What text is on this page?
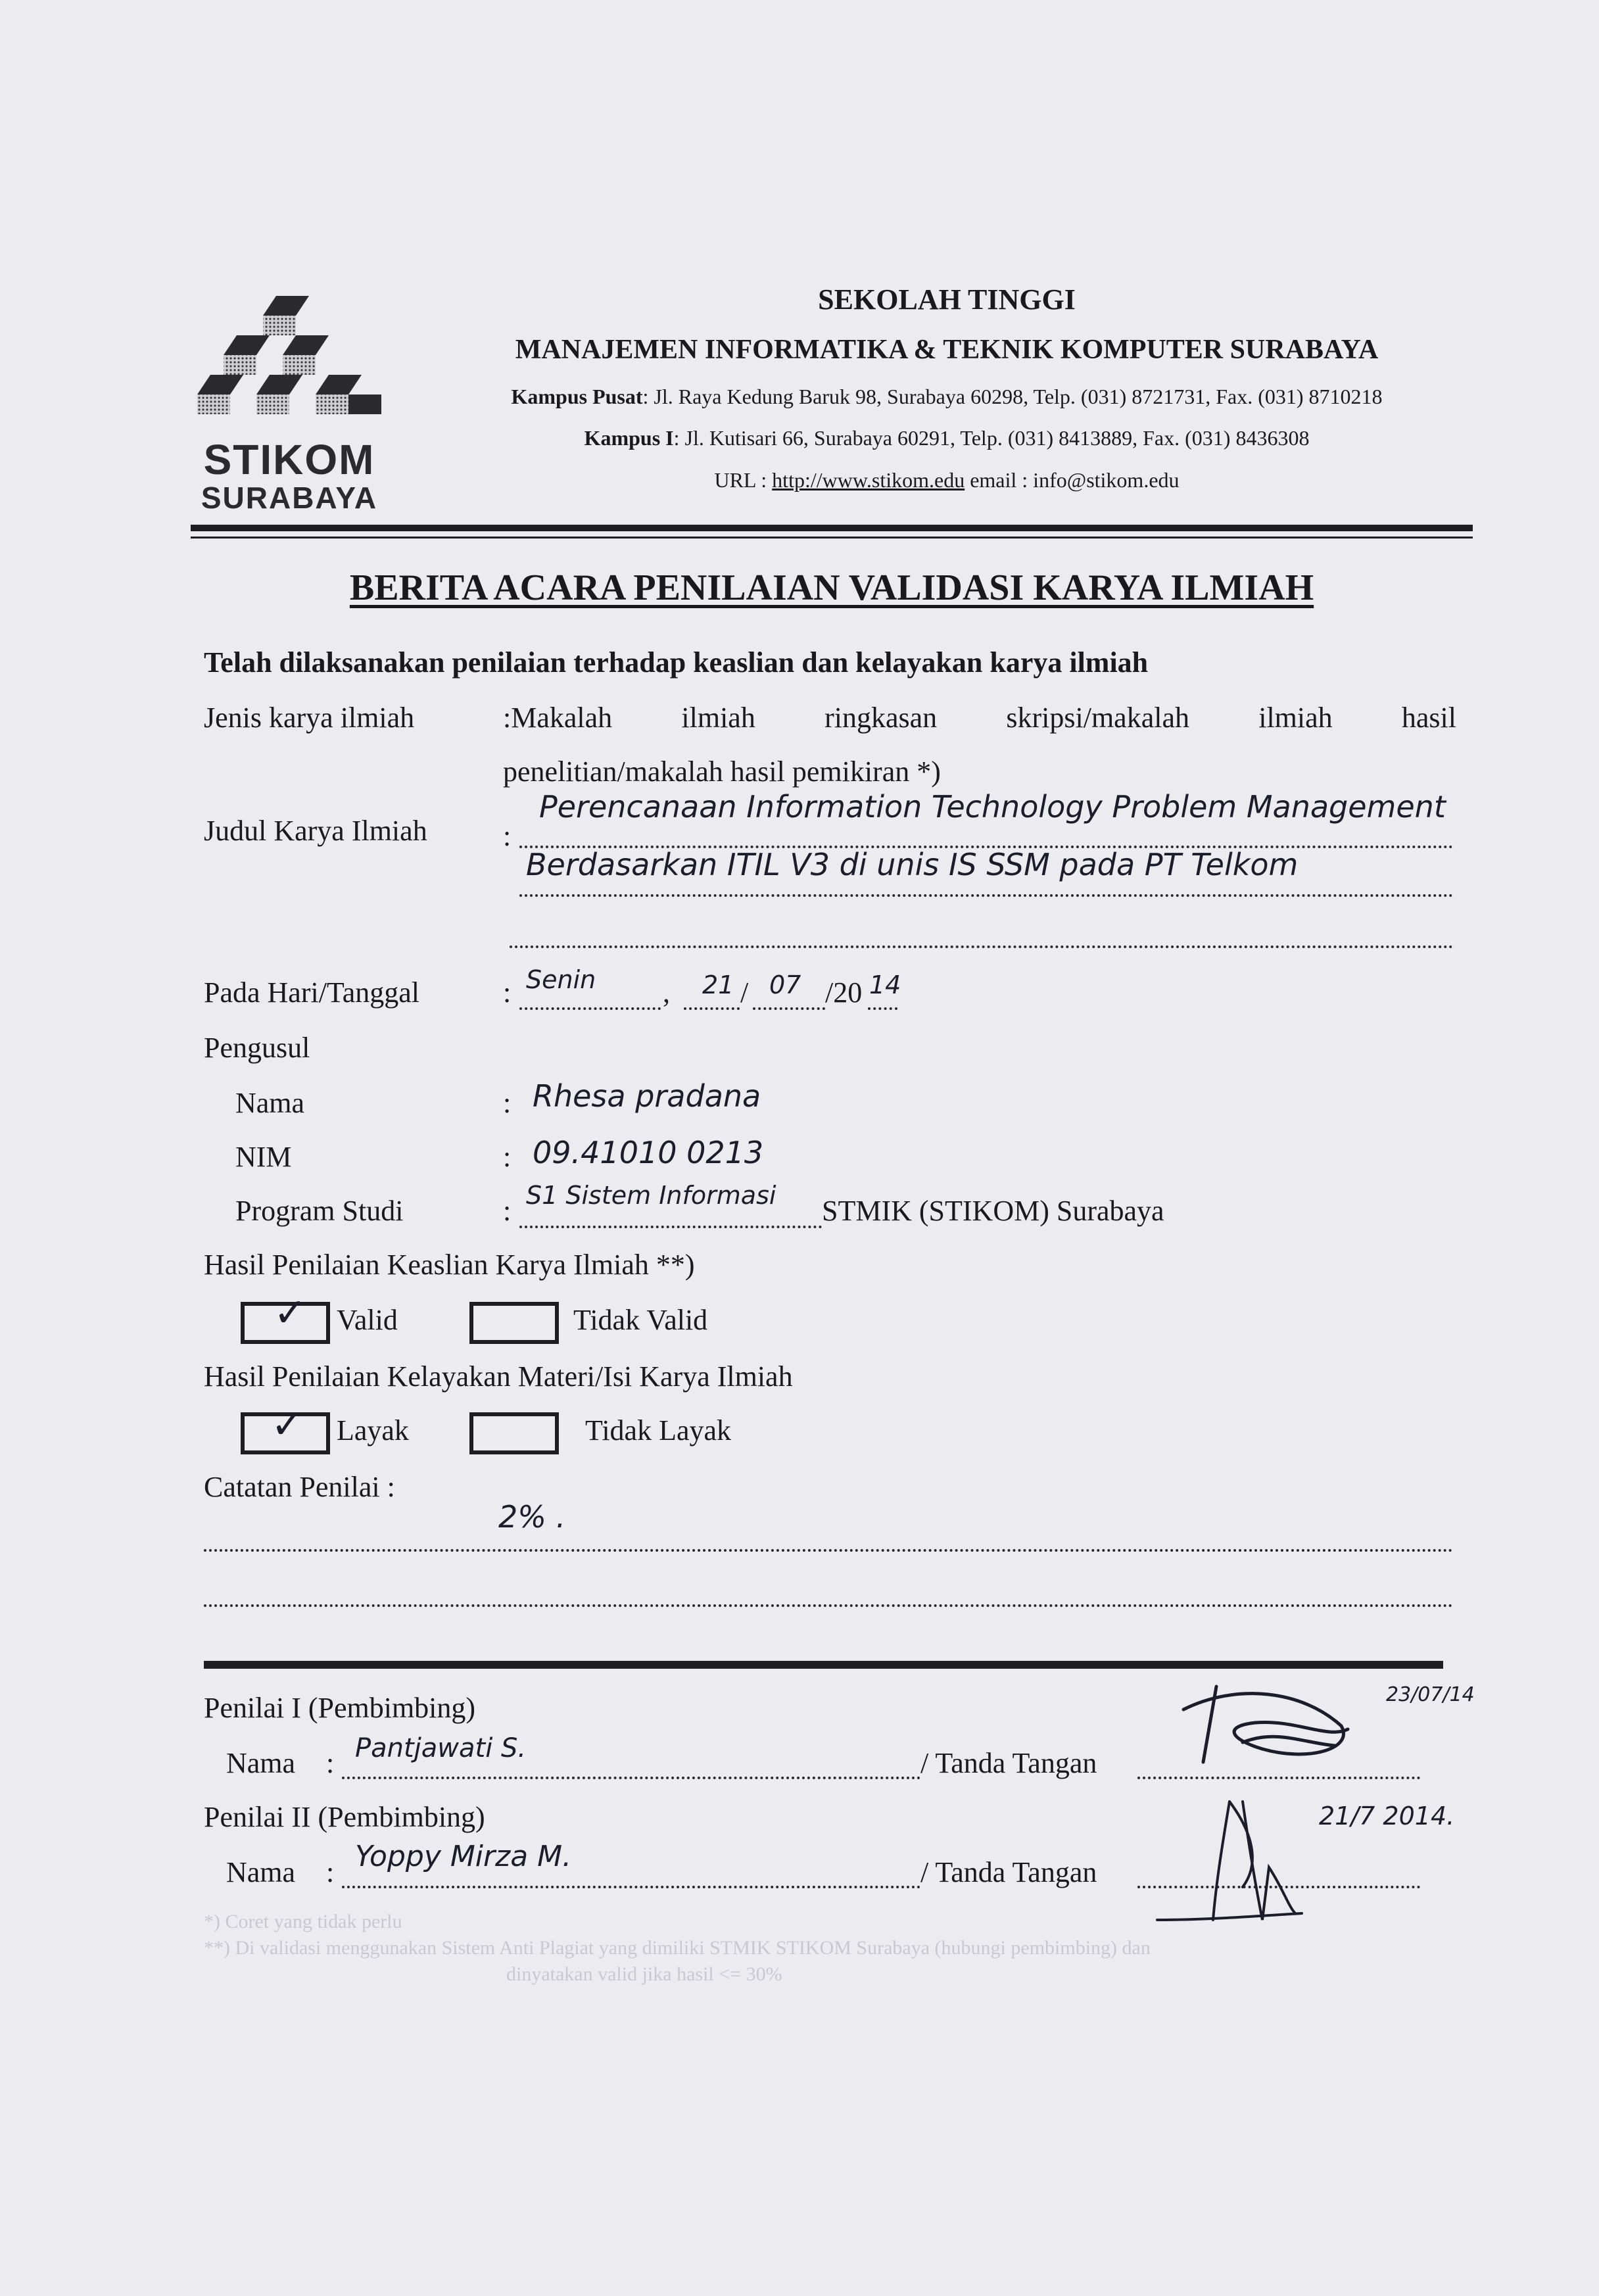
STIKOM
SURABAYA
SEKOLAH TINGGI
MANAJEMEN INFORMATIKA & TEKNIK KOMPUTER SURABAYA
Kampus Pusat: Jl. Raya Kedung Baruk 98, Surabaya 60298, Telp. (031) 8721731, Fax. (031) 8710218
Kampus I: Jl. Kutisari 66, Surabaya 60291, Telp. (031) 8413889, Fax. (031) 8436308
URL : http://www.stikom.edu email : info@stikom.edu
BERITA ACARA PENILAIAN VALIDASI KARYA ILMIAH
Telah dilaksanakan penilaian terhadap keaslian dan kelayakan karya ilmiah
Jenis karya ilmiah	:Makalah ilmiah ringkasan skripsi/makalah ilmiah hasil
penelitian/makalah hasil pemikiran *)
Judul Karya Ilmiah	:
Perencanaan Information Technology Problem Management
Berdasarkan ITIL V3 di unis IS SSM pada PT Telkom
Pada Hari/Tanggal	: Senin , 21 / 07 /20 14
Pengusul
Nama	: Rhesa pradana
NIM	: 09.41010 0213
Program Studi	: S1 Sistem Informasi STMIK (STIKOM) Surabaya
Hasil Penilaian Keaslian Karya Ilmiah **)
✓ Valid	Tidak Valid
Hasil Penilaian Kelayakan Materi/Isi Karya Ilmiah
✓ Layak	Tidak Layak
Catatan Penilai :
2% .
Penilai I (Pembimbing)
Nama : Pantjawati S.	/ Tanda Tangan
23/07/14
Penilai II (Pembimbing)
Nama : Yoppy Mirza M.	/ Tanda Tangan
21/7 2014.
*) Coret yang tidak perlu
**) Di validasi menggunakan Sistem Anti Plagiat yang dimiliki STMIK STIKOM Surabaya (hubungi pembimbing) dan
dinyatakan valid jika hasil <= 30%
